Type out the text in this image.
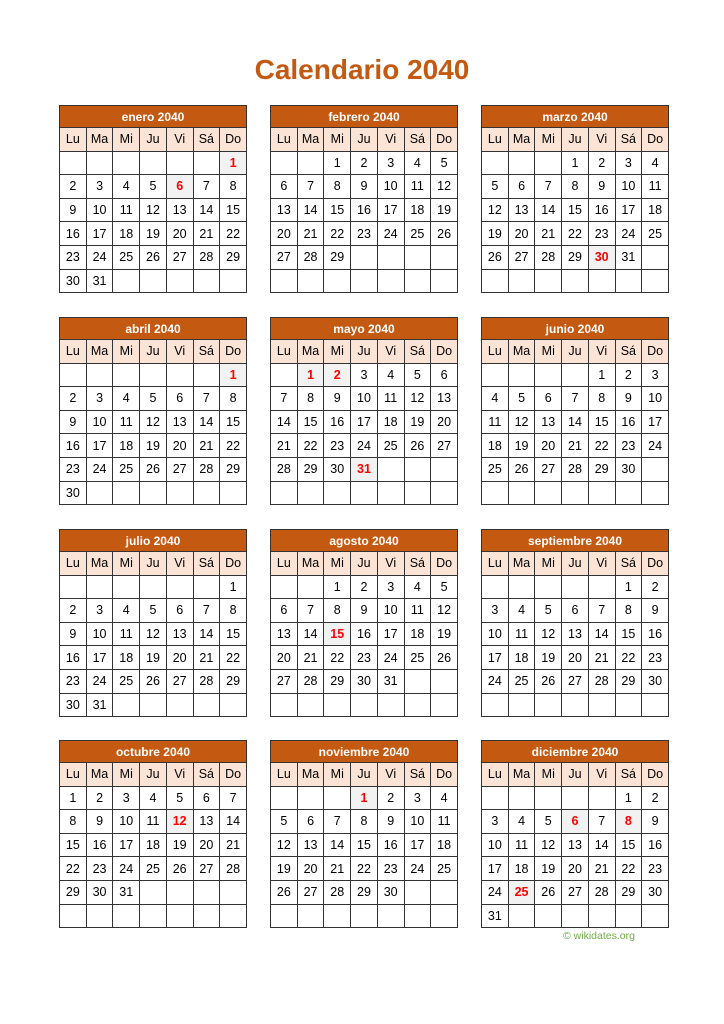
Calendario 2040
enero 2040						
Lu	Ma	Mi	Ju	Vi	Sá	Do
						1
2	3	4	5	6	7	8
9	10	11	12	13	14	15
16	17	18	19	20	21	22
23	24	25	26	27	28	29
30	31					
febrero 2040						
Lu	Ma	Mi	Ju	Vi	Sá	Do
		1	2	3	4	5
6	7	8	9	10	11	12
13	14	15	16	17	18	19
20	21	22	23	24	25	26
27	28	29				

marzo 2040						
Lu	Ma	Mi	Ju	Vi	Sá	Do
			1	2	3	4
5	6	7	8	9	10	11
12	13	14	15	16	17	18
19	20	21	22	23	24	25
26	27	28	29	30	31	

abril 2040						
Lu	Ma	Mi	Ju	Vi	Sá	Do
						1
2	3	4	5	6	7	8
9	10	11	12	13	14	15
16	17	18	19	20	21	22
23	24	25	26	27	28	29
30						
mayo 2040						
Lu	Ma	Mi	Ju	Vi	Sá	Do
	1	2	3	4	5	6
7	8	9	10	11	12	13
14	15	16	17	18	19	20
21	22	23	24	25	26	27
28	29	30	31			

junio 2040						
Lu	Ma	Mi	Ju	Vi	Sá	Do
				1	2	3
4	5	6	7	8	9	10
11	12	13	14	15	16	17
18	19	20	21	22	23	24
25	26	27	28	29	30	

julio 2040						
Lu	Ma	Mi	Ju	Vi	Sá	Do
						1
2	3	4	5	6	7	8
9	10	11	12	13	14	15
16	17	18	19	20	21	22
23	24	25	26	27	28	29
30	31					
agosto 2040						
Lu	Ma	Mi	Ju	Vi	Sá	Do
		1	2	3	4	5
6	7	8	9	10	11	12
13	14	15	16	17	18	19
20	21	22	23	24	25	26
27	28	29	30	31		

septiembre 2040						
Lu	Ma	Mi	Ju	Vi	Sá	Do
					1	2
3	4	5	6	7	8	9
10	11	12	13	14	15	16
17	18	19	20	21	22	23
24	25	26	27	28	29	30

octubre 2040						
Lu	Ma	Mi	Ju	Vi	Sá	Do
1	2	3	4	5	6	7
8	9	10	11	12	13	14
15	16	17	18	19	20	21
22	23	24	25	26	27	28
29	30	31				

noviembre 2040						
Lu	Ma	Mi	Ju	Vi	Sá	Do
			1	2	3	4
5	6	7	8	9	10	11
12	13	14	15	16	17	18
19	20	21	22	23	24	25
26	27	28	29	30		

diciembre 2040						
Lu	Ma	Mi	Ju	Vi	Sá	Do
					1	2
3	4	5	6	7	8	9
10	11	12	13	14	15	16
17	18	19	20	21	22	23
24	25	26	27	28	29	30
31						
© wikidates.org
